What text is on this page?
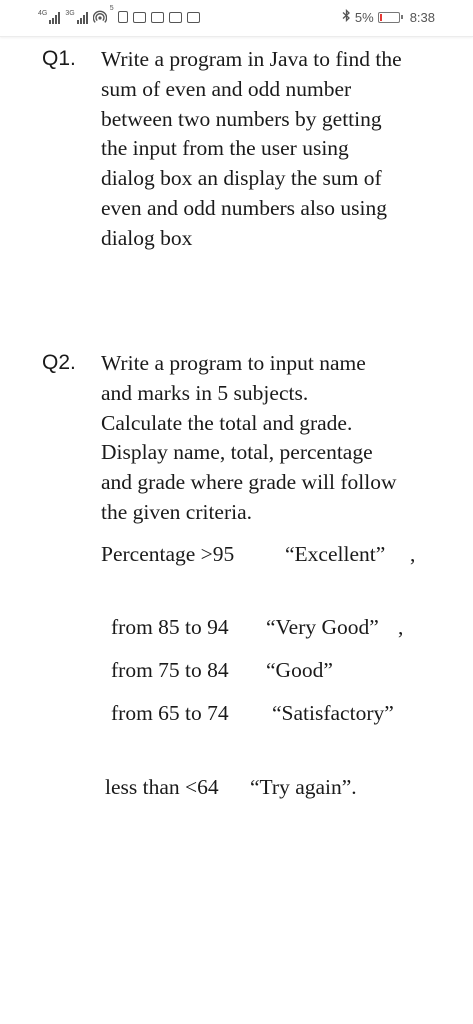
4G	3G
5
5%	8:38
Q1. Write a program in Java to find the
sum of even and odd number
between two numbers by getting
the input from the user using
dialog box an display the sum of
even and odd numbers also using
dialog box
Q2. Write a program to input name
and marks in 5 subjects.
Calculate the total and grade.
Display name, total, percentage
and grade where grade will follow
the given criteria.
Percentage >95 “Excellent” ,
from 85 to 94 “Very Good” ,
from 75 to 84 “Good”
from 65 to 74 “Satisfactory”
less than <64 “Try again”.
